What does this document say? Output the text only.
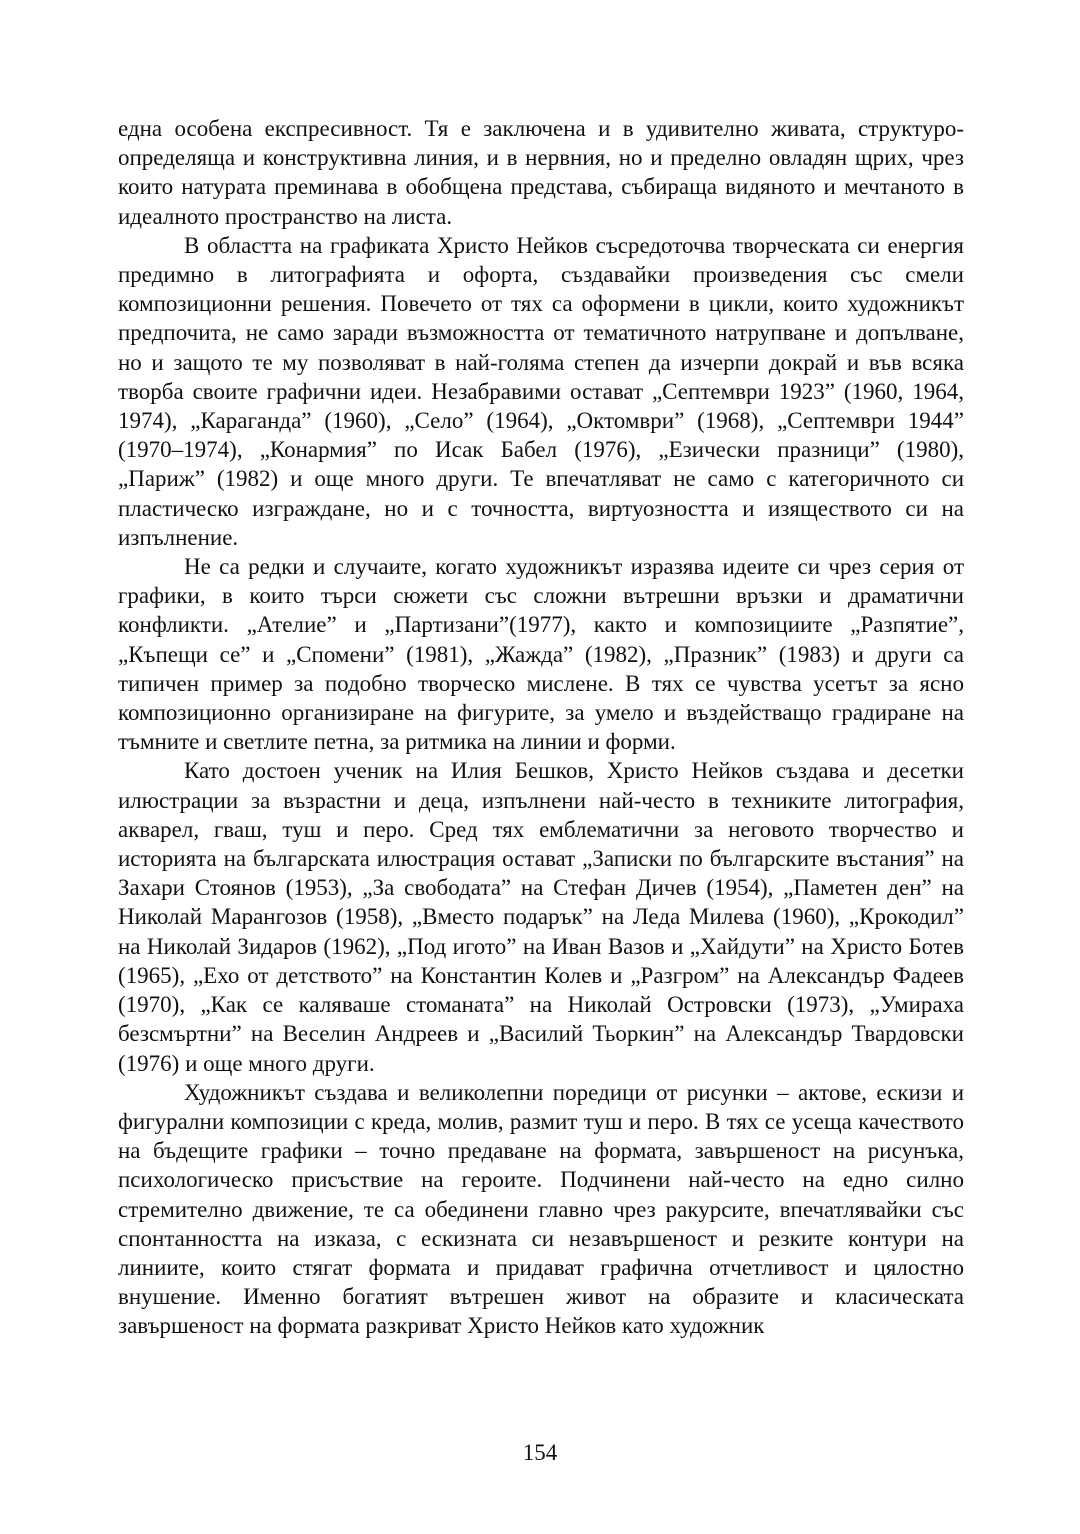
една особена експресивност. Тя е заключена и в удивително живата, структуроопределяща и конструктивна линия, и в нервния, но и пределно овладян щрих, чрез които натурата преминава в обобщена представа, събираща видяното и мечтаното в идеалното пространство на листа.

В областта на графиката Христо Нейков съсредоточва творческата си енергия предимно в литографията и офорта, създавайки произведения със смели композиционни решения. Повечето от тях са оформени в цикли, които художникът предпочита, не само заради възможността от тематичното натрупване и допълване, но и защото те му позволяват в най-голяма степен да изчерпи докрай и във всяка творба своите графични идеи. Незабравими остават „Септември 1923” (1960, 1964, 1974), „Караганда” (1960), „Село” (1964), „Октомври” (1968), „Септември 1944” (1970–1974), „Конармия” по Исак Бабел (1976), „Езически празници” (1980), „Париж” (1982) и още много други. Те впечатляват не само с категоричното си пластическо изграждане, но и с точността, виртуозността и изяществото си на изпълнение.

Не са редки и случаите, когато художникът изразява идеите си чрез серия от графики, в които търси сюжети със сложни вътрешни връзки и драматични конфликти. „Ателие” и „Партизани”(1977), както и композициите „Разпятие”, „Къпещи се” и „Спомени” (1981), „Жажда” (1982), „Празник” (1983) и други са типичен пример за подобно творческо мислене. В тях се чувства усетът за ясно композиционно организиране на фигурите, за умело и въздействащо градиране на тъмните и светлите петна, за ритмика на линии и форми.

Като достоен ученик на Илия Бешков, Христо Нейков създава и десетки илюстрации за възрастни и деца, изпълнени най-често в техниките литография, акварел, гваш, туш и перо. Сред тях емблематични за неговото творчество и историята на българската илюстрация остават „Записки по българските въстания” на Захари Стоянов (1953), „За свободата” на Стефан Дичев (1954), „Паметен ден” на Николай Марангозов (1958), „Вместо подарък” на Леда Милева (1960), „Крокодил” на Николай Зидаров (1962), „Под игото” на Иван Вазов и „Хайдути” на Христо Ботев (1965), „Ехо от детството” на Константин Колев и „Разгром” на Александър Фадеев (1970), „Как се каляваше стоманата” на Николай Островски (1973), „Умираха безсмъртни” на Веселин Андреев и „Василий Тьоркин” на Александър Твардовски (1976) и още много други.

Художникът създава и великолепни поредици от рисунки – актове, ескизи и фигурални композиции с креда, молив, размит туш и перо. В тях се усеща качеството на бъдещите графики – точно предаване на формата, завършеност на рисунъка, психологическо присъствие на героите. Подчинени най-често на едно силно стремително движение, те са обединени главно чрез ракурсите, впечатлявайки със спонтанността на изказа, с ескизната си незавършеност и резките контури на линиите, които стягат формата и придават графична отчетливост и цялостно внушение. Именно богатият вътрешен живот на образите и класическата завършеност на формата разкриват Христо Нейков като художник

154
